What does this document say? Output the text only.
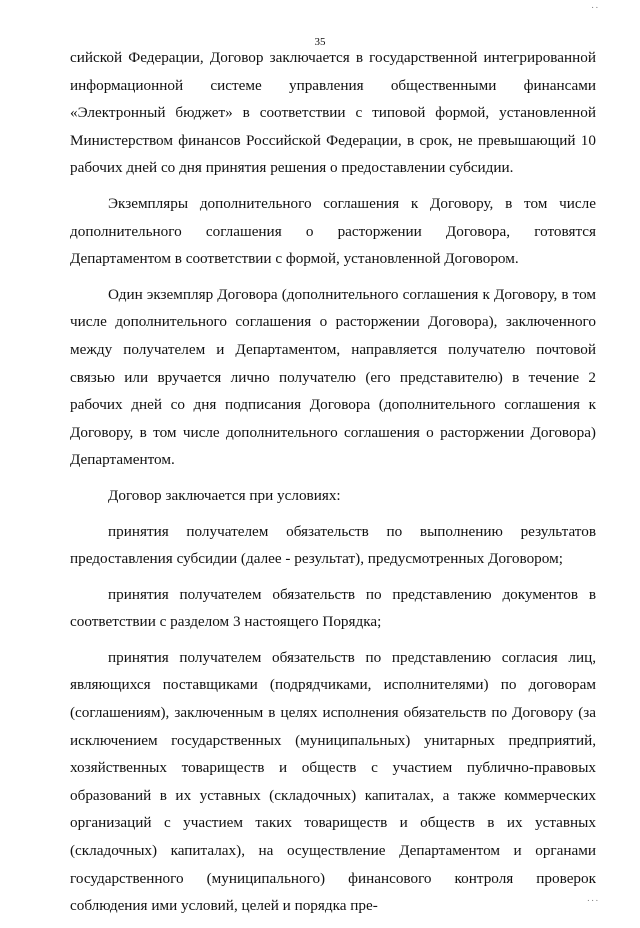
..
35

сийской Федерации, Договор заключается в государственной интегрированной информационной системе управления общественными финансами «Электронный бюджет» в соответствии с типовой формой, установленной Министерством финансов Российской Федерации, в срок, не превышающий 10 рабочих дней со дня принятия решения о предоставлении субсидии.

Экземпляры дополнительного соглашения к Договору, в том числе дополнительного соглашения о расторжении Договора, готовятся Департаментом в соответствии с формой, установленной Договором.

Один экземпляр Договора (дополнительного соглашения к Договору, в том числе дополнительного соглашения о расторжении Договора), заключенного между получателем и Департаментом, направляется получателю почтовой связью или вручается лично получателю (его представителю) в течение 2 рабочих дней со дня подписания Договора (дополнительного соглашения к Договору, в том числе дополнительного соглашения о расторжении Договора) Департаментом.

Договор заключается при условиях:

принятия получателем обязательств по выполнению результатов предоставления субсидии (далее - результат), предусмотренных Договором;

принятия получателем обязательств по представлению документов в соответствии с разделом 3 настоящего Порядка;

принятия получателем обязательств по представлению согласия лиц, являющихся поставщиками (подрядчиками, исполнителями) по договорам (соглашениям), заключенным в целях исполнения обязательств по Договору (за исключением государственных (муниципальных) унитарных предприятий, хозяйственных товариществ и обществ с участием публично-правовых образований в их уставных (складочных) капиталах, а также коммерческих организаций с участием таких товариществ и обществ в их уставных (складочных) капиталах), на осуществление Департаментом и органами государственного (муниципального) финансового контроля проверок соблюдения ими условий, целей и порядка пре-	...
